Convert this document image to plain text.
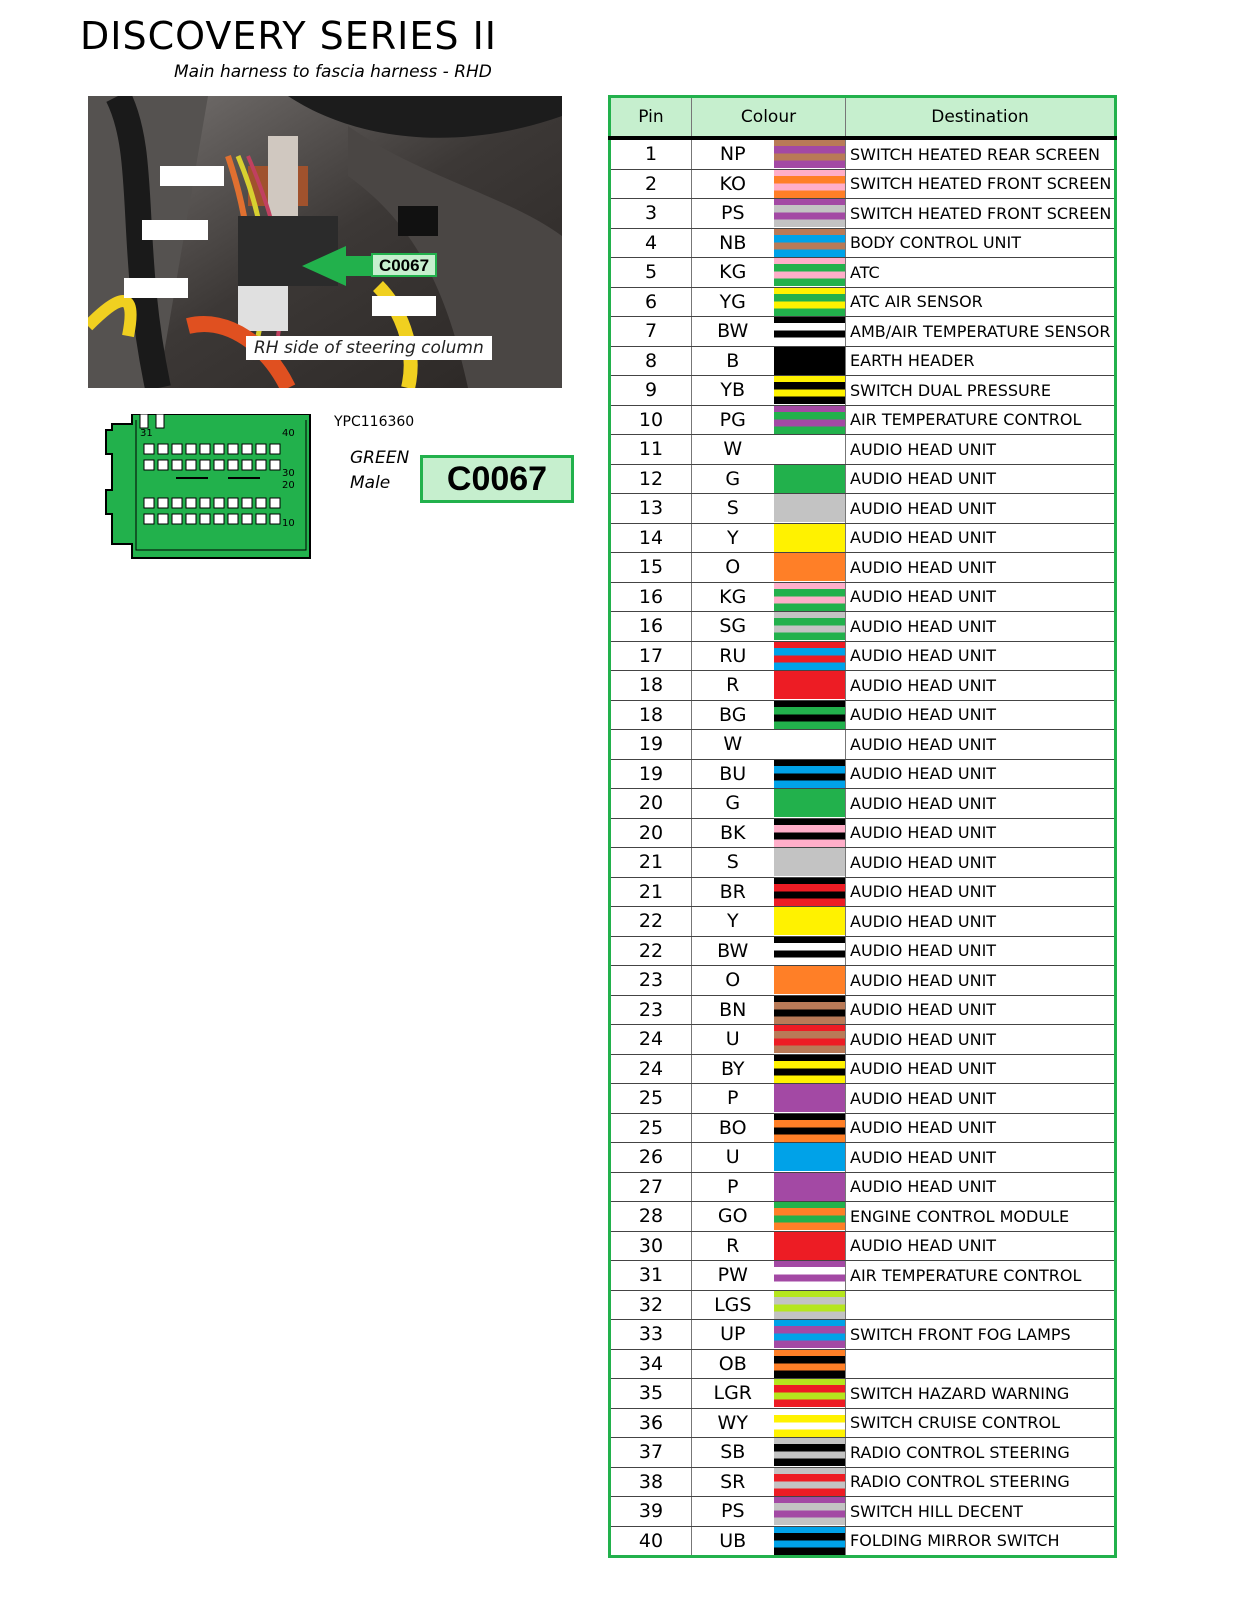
DISCOVERY SERIES II
Main harness to fascia harness - RHD
C0067
RH side of steering column
31	40
30
20
10
YPC116360
GREEN
Male	C0067
Pin	Colour		Destination
1	NP		SWITCH HEATED REAR SCREEN
2	KO		SWITCH HEATED FRONT SCREEN
3	PS		SWITCH HEATED FRONT SCREEN
4	NB		BODY CONTROL UNIT
5	KG		ATC
6	YG		ATC AIR SENSOR
7	BW		AMB/AIR TEMPERATURE SENSOR
8	B		EARTH HEADER
9	YB		SWITCH DUAL PRESSURE
10	PG		AIR TEMPERATURE CONTROL
11	W		AUDIO HEAD UNIT
12	G		AUDIO HEAD UNIT
13	S		AUDIO HEAD UNIT
14	Y		AUDIO HEAD UNIT
15	O		AUDIO HEAD UNIT
16	KG		AUDIO HEAD UNIT
16	SG		AUDIO HEAD UNIT
17	RU		AUDIO HEAD UNIT
18	R		AUDIO HEAD UNIT
18	BG		AUDIO HEAD UNIT
19	W		AUDIO HEAD UNIT
19	BU		AUDIO HEAD UNIT
20	G		AUDIO HEAD UNIT
20	BK		AUDIO HEAD UNIT
21	S		AUDIO HEAD UNIT
21	BR		AUDIO HEAD UNIT
22	Y		AUDIO HEAD UNIT
22	BW		AUDIO HEAD UNIT
23	O		AUDIO HEAD UNIT
23	BN		AUDIO HEAD UNIT
24	U		AUDIO HEAD UNIT
24	BY		AUDIO HEAD UNIT
25	P		AUDIO HEAD UNIT
25	BO		AUDIO HEAD UNIT
26	U		AUDIO HEAD UNIT
27	P		AUDIO HEAD UNIT
28	GO		ENGINE CONTROL MODULE
30	R		AUDIO HEAD UNIT
31	PW		AIR TEMPERATURE CONTROL
32	LGS	

33	UP		SWITCH FRONT FOG LAMPS
34	OB	

35	LGR		SWITCH HAZARD WARNING
36	WY		SWITCH CRUISE CONTROL
37	SB		RADIO CONTROL STEERING
38	SR		RADIO CONTROL STEERING
39	PS		SWITCH HILL DECENT
40	UB		FOLDING MIRROR SWITCH
